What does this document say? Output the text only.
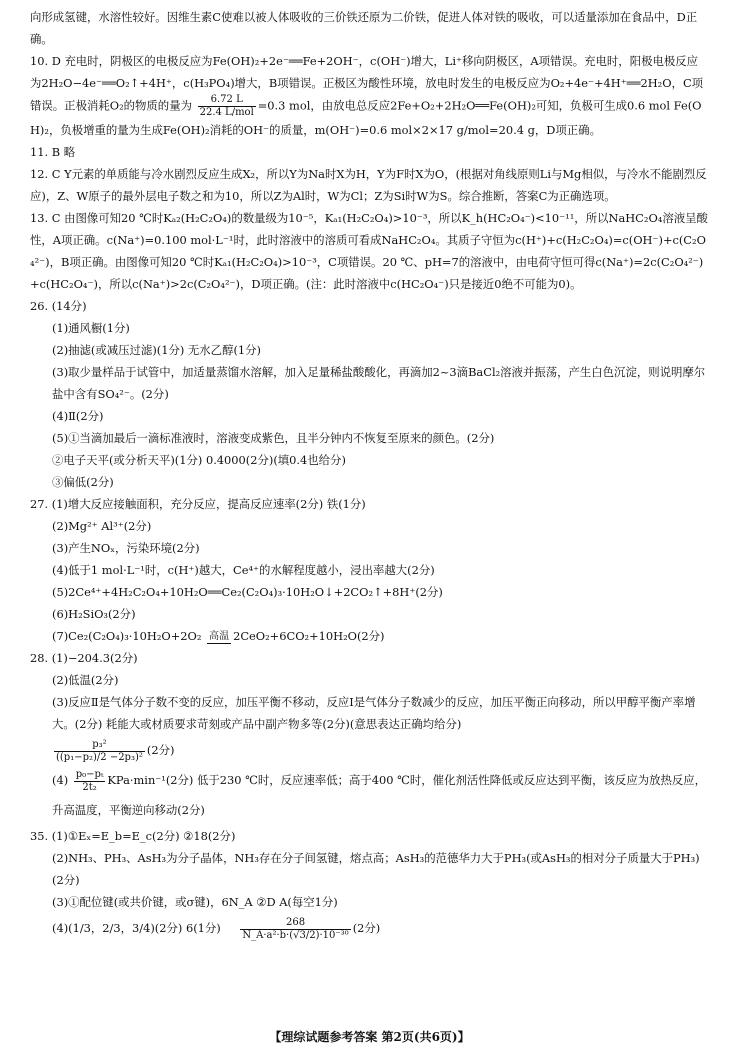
向形成氢键，水溶性较好。因维生素C使难以被人体吸收的三价铁还原为二价铁，促进人体对铁的吸收，可以适量添加在食品中，D正确。

10. D 充电时，阴极区的电极反应为Fe(OH)₂+2e⁻══Fe+2OH⁻，c(OH⁻)增大，Li⁺移向阴极区，A项错误。充电时，阳极电极反应为2H₂O−4e⁻══O₂↑+4H⁺，c(H₃PO₄)增大，B项错误。正极区为酸性环境，放电时发生的电极反应为O₂+4e⁻+4H⁺══2H₂O，C项错误。正极消耗O₂的物质的量为 $\frac{6.72 L}{\text{22.4 L/mol}} =0.3$ mol，由放电总反应2Fe+O₂+2H₂O══Fe(OH)₂可知，负极可生成0.6 mol Fe(OH)₂，负极增重的量为生成Fe(OH)₂消耗的OH⁻的质量，m(OH⁻)=0.6 mol×2×17 g/mol=20.4 g，D项正确。

11. B 略

12. C Y元素的单质能与冷水剧烈反应生成X₂，所以Y为Na时X为H，Y为F时X为O，(根据对角线原则Li与Mg相似，与冷水不能剧烈反应)，Z、W原子的最外层电子数之和为10，所以Z为Al时，W为Cl；Z为Si时W为S。综合推断，答案C为正确选项。

13. C 由图像可知20 ℃时Kₐ₂(H₂C₂O₄)的数量级为10⁻⁵，Kₐ₁(H₂C₂O₄)>10⁻³，所以K_h(HC₂O₄⁻)<10⁻¹¹，所以NaHC₂O₄溶液呈酸性，A项正确。c(Na⁺)=0.100 mol·L⁻¹时，此时溶液中的溶质可看成NaHC₂O₄。其质子守恒为c(H⁺)+c(H₂C₂O₄)=c(OH⁻)+c(C₂O₄²⁻)，B项正确。由图像可知20 ℃时Kₐ₁(H₂C₂O₄)>10⁻³，C项错误。20 ℃、pH=7的溶液中，由电荷守恒可得c(Na⁺)=2c(C₂O₄²⁻)+c(HC₂O₄⁻)，所以c(Na⁺)>2c(C₂O₄²⁻)，D项正确。(注：此时溶液中c(HC₂O₄⁻)只是接近0绝不可能为0)。

26. (14分)

(1)通风橱(1分)

(2)抽滤(或减压过滤)(1分) 无水乙醇(1分)

(3)取少量样品于试管中，加适量蒸馏水溶解，加入足量稀盐酸酸化，再滴加2~3滴BaCl₂溶液并振荡，产生白色沉淀，则说明摩尔盐中含有SO₄²⁻。(2分)

(4)Ⅱ(2分)

(5)①当滴加最后一滴标准液时，溶液变成紫色，且半分钟内不恢复至原来的颜色。(2分)

②电子天平(或分析天平)(1分) 0.4000(2分)(填0.4也给分)

③偏低(2分)

27. (1)增大反应接触面积，充分反应，提高反应速率(2分) 铁(1分)

(2)Mg²⁺ Al³⁺(2分)

(3)产生NOₓ，污染环境(2分)

(4)低于1 mol·L⁻¹时，c(H⁺)越大，Ce⁴⁺的水解程度越小，浸出率越大(2分)

(5)2Ce⁴⁺+4H₂C₂O₄+10H₂O══Ce₂(C₂O₄)₃·10H₂O↓+2CO₂↑+8H⁺(2分)

(6)H₂SiO₃(2分)

(7)Ce₂(C₂O₄)₃·10H₂O+2O₂ 高温 2CeO₂+6CO₂+10H₂O(2分)

28. (1)−204.3(2分)

(2)低温(2分)

(3)反应Ⅱ是气体分子数不变的反应，加压平衡不移动，反应Ⅰ是气体分子数减少的反应，加压平衡正向移动，所以甲醇平衡产率增大。(2分) 耗能大或材质要求苛刻或产品中副产物多等(2分)(意思表达正确均给分)

$\frac{\text{p₃²}}{\text{((p₁−p₂)/2 −2p₃)²}} (2$分)

$(4) \frac{\text{p₀−pₜ}}{\text{2t₂}} KPa\cdot\min^{-1}(2$分) 低于230 ℃时，反应速率低；高于400 ℃时，催化剂活性降低或反应达到平衡，该反应为放热反应，升高温度，平衡逆向移动(2分)

35. (1)①Eₓ=E_b=E_c(2分) ②18(2分)

(2)NH₃、PH₃、AsH₃为分子晶体，NH₃存在分子间氢键，熔点高；AsH₃的范德华力大于PH₃(或AsH₃的相对分子质量大于PH₃)(2分)

(3)①配位键(或共价键，或σ键)，6N_A ②D A(每空1分)

(4)(1/3，2/3，3/4)(2分) 6(1分) $\frac{268}{\text{N\_A·a²·b·(√3/2)·10⁻³⁰}} (2$分)

【理综试题参考答案 第2页(共6页)】
